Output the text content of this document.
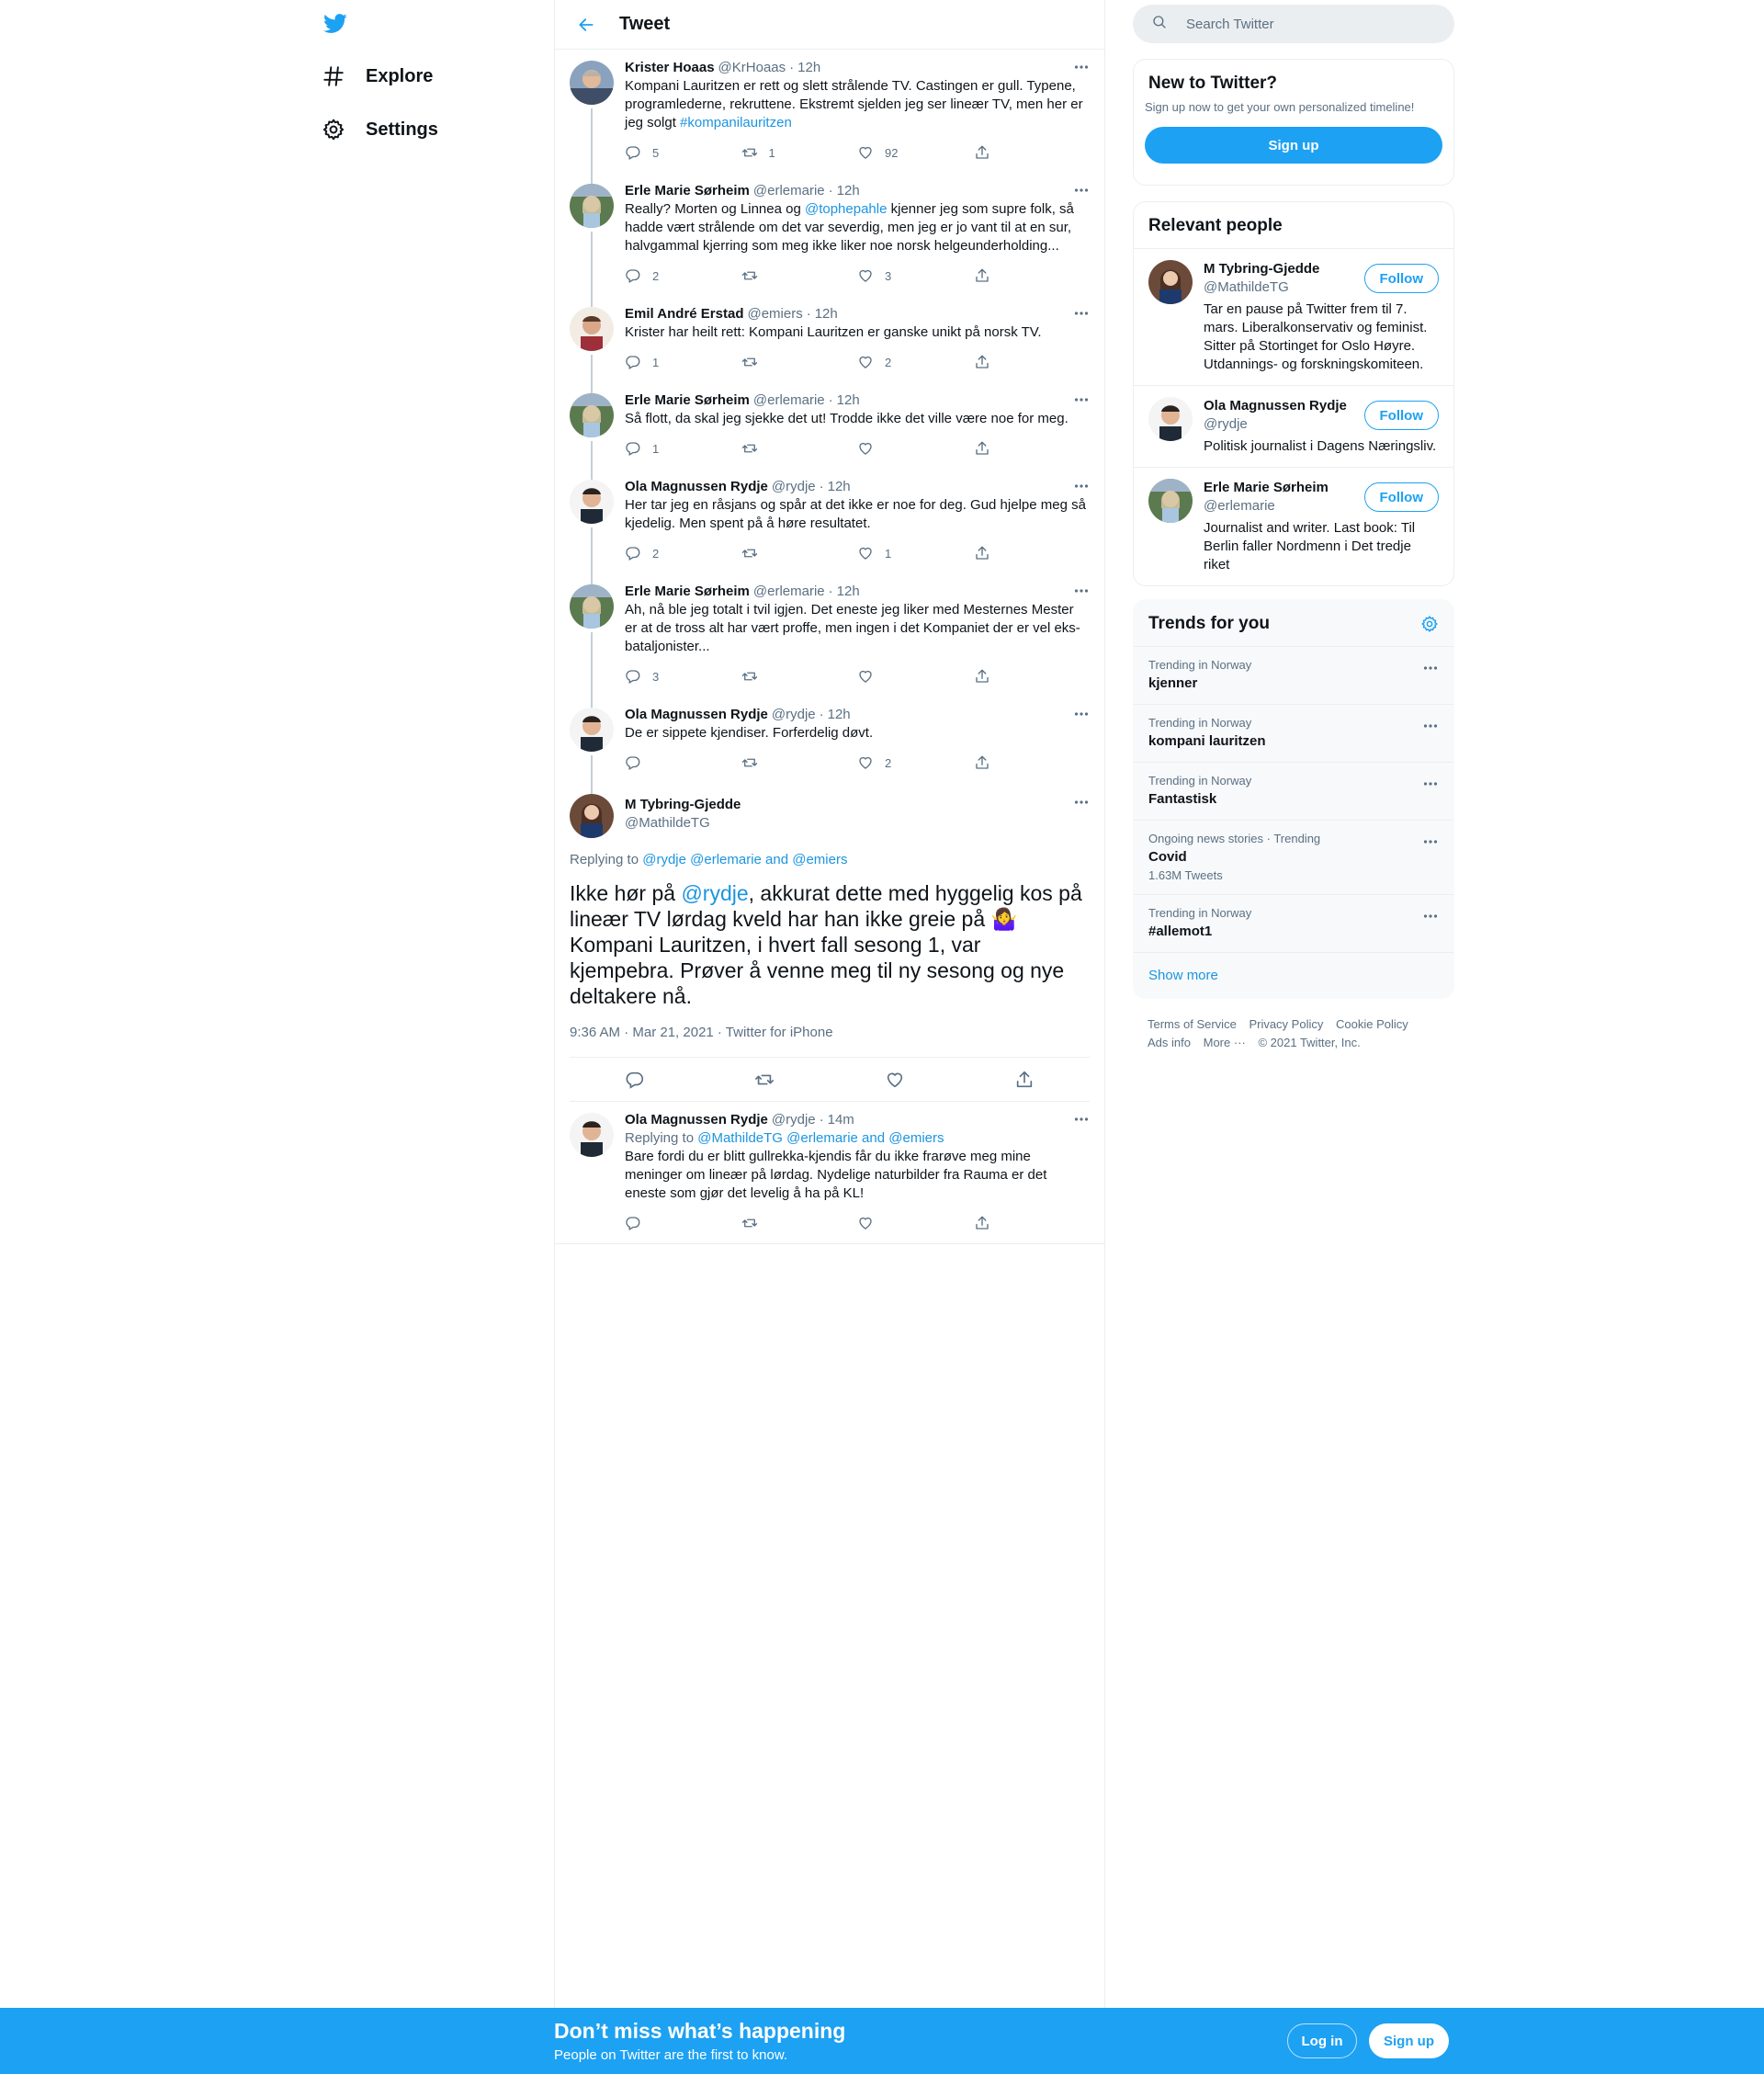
Explore
Settings
Tweet
Krister Hoaas @KrHoaas · 12h
Kompani Lauritzen er rett og slett strålende TV. Castingen er gull. Typene, programlederne, rekruttene. Ekstremt sjelden jeg ser lineær TV, men her er jeg solgt #kompanilauritzen
5	1	92
Erle Marie Sørheim @erlemarie · 12h
Really? Morten og Linnea og @tophepahle kjenner jeg som supre folk, så hadde vært strålende om det var severdig, men jeg er jo vant til at en sur, halvgammal kjerring som meg ikke liker noe norsk helgeunderholding...
2	3
Emil André Erstad @emiers · 12h
Krister har heilt rett: Kompani Lauritzen er ganske unikt på norsk TV.
1	2
Erle Marie Sørheim @erlemarie · 12h
Så flott, da skal jeg sjekke det ut! Trodde ikke det ville være noe for meg.
1
Ola Magnussen Rydje @rydje · 12h
Her tar jeg en råsjans og spår at det ikke er noe for deg. Gud hjelpe meg så kjedelig. Men spent på å høre resultatet.
2	1
Erle Marie Sørheim @erlemarie · 12h
Ah, nå ble jeg totalt i tvil igjen. Det eneste jeg liker med Mesternes Mester er at de tross alt har vært proffe, men ingen i det Kompaniet der er vel eks-bataljonister...
3
Ola Magnussen Rydje @rydje · 12h
De er sippete kjendiser. Forferdelig døvt.
2
M Tybring-Gjedde
@MathildeTG
Replying to @rydje @erlemarie and @emiers
Ikke hør på @rydje, akkurat dette med hyggelig kos på lineær TV lørdag kveld har han ikke greie på 🤷‍♀️ Kompani Lauritzen, i hvert fall sesong 1, var kjempebra. Prøver å venne meg til ny sesong og nye deltakere nå.
9:36 AM · Mar 21, 2021 · Twitter for iPhone
Ola Magnussen Rydje @rydje · 14m
Replying to @MathildeTG @erlemarie and @emiers
Bare fordi du er blitt gullrekka-kjendis får du ikke frarøve meg mine meninger om lineær på lørdag. Nydelige naturbilder fra Rauma er det eneste som gjør det levelig å ha på KL!
Search Twitter
New to Twitter?
Sign up now to get your own personalized timeline!
Sign up
Relevant people
M Tybring-Gjedde
@MathildeTG
Tar en pause på Twitter frem til 7. mars. Liberalkonservativ og feminist. Sitter på Stortinget for Oslo Høyre. Utdannings- og forskningskomiteen.
Follow
Ola Magnussen Rydje
@rydje
Politisk journalist i Dagens Næringsliv.
Follow
Erle Marie Sørheim
@erlemarie
Journalist and writer. Last book: Til Berlin faller Nordmenn i Det tredje riket
Follow
Trends for you
Trending in Norway
kjenner
Trending in Norway
kompani lauritzen
Trending in Norway
Fantastisk
Ongoing news stories · Trending
Covid
1.63M Tweets
Trending in Norway
#allemot1
Show more
Terms of Service Privacy Policy Cookie Policy
Ads info More ··· © 2021 Twitter, Inc.
Don’t miss what’s happening
People on Twitter are the first to know.
Log in	Sign up
